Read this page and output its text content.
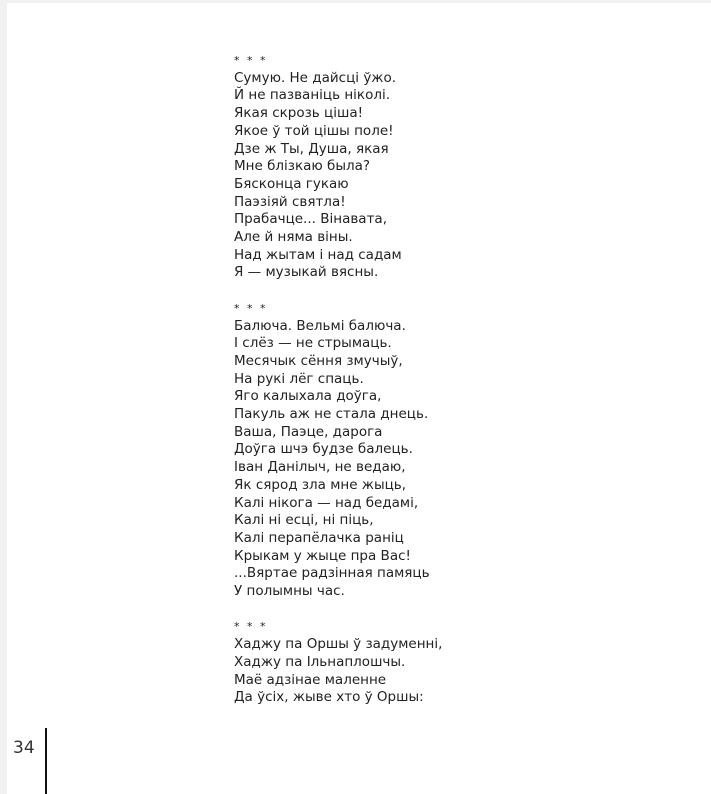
* * *
Сумую. Не дайсці ўжо.
Й не пазваніць ніколі.
Якая скрозь ціша!
Якое ў той цішы поле!
Дзе ж Ты, Душа, якая
Мне блізкаю была?
Бясконца гукаю
Паэзіяй святла!
Прабачце... Вінавата,
Але й няма віны.
Над жытам і над садам
Я — музыкай вясны.
* * *
Балюча. Вельмі балюча.
І слёз — не стрымаць.
Месячык сёння змучыў,
На рукі лёг спаць.
Яго калыхала доўга,
Пакуль аж не стала днець.
Ваша, Паэце, дарога
Доўга шчэ будзе балець.
Іван Данілыч, не ведаю,
Як сярод зла мне жыць,
Калі нікога — над бедамі,
Калі ні есці, ні піць,
Калі перапёлачка раніц
Крыкам у жыце пра Вас!
...Вяртае радзінная памяць
У полымны час.
* * *
Хаджу па Оршы ў задуменні,
Хаджу па Ільнаплошчы.
Маё адзінае маленне
Да ўсіх, жыве хто ў Оршы:
34
